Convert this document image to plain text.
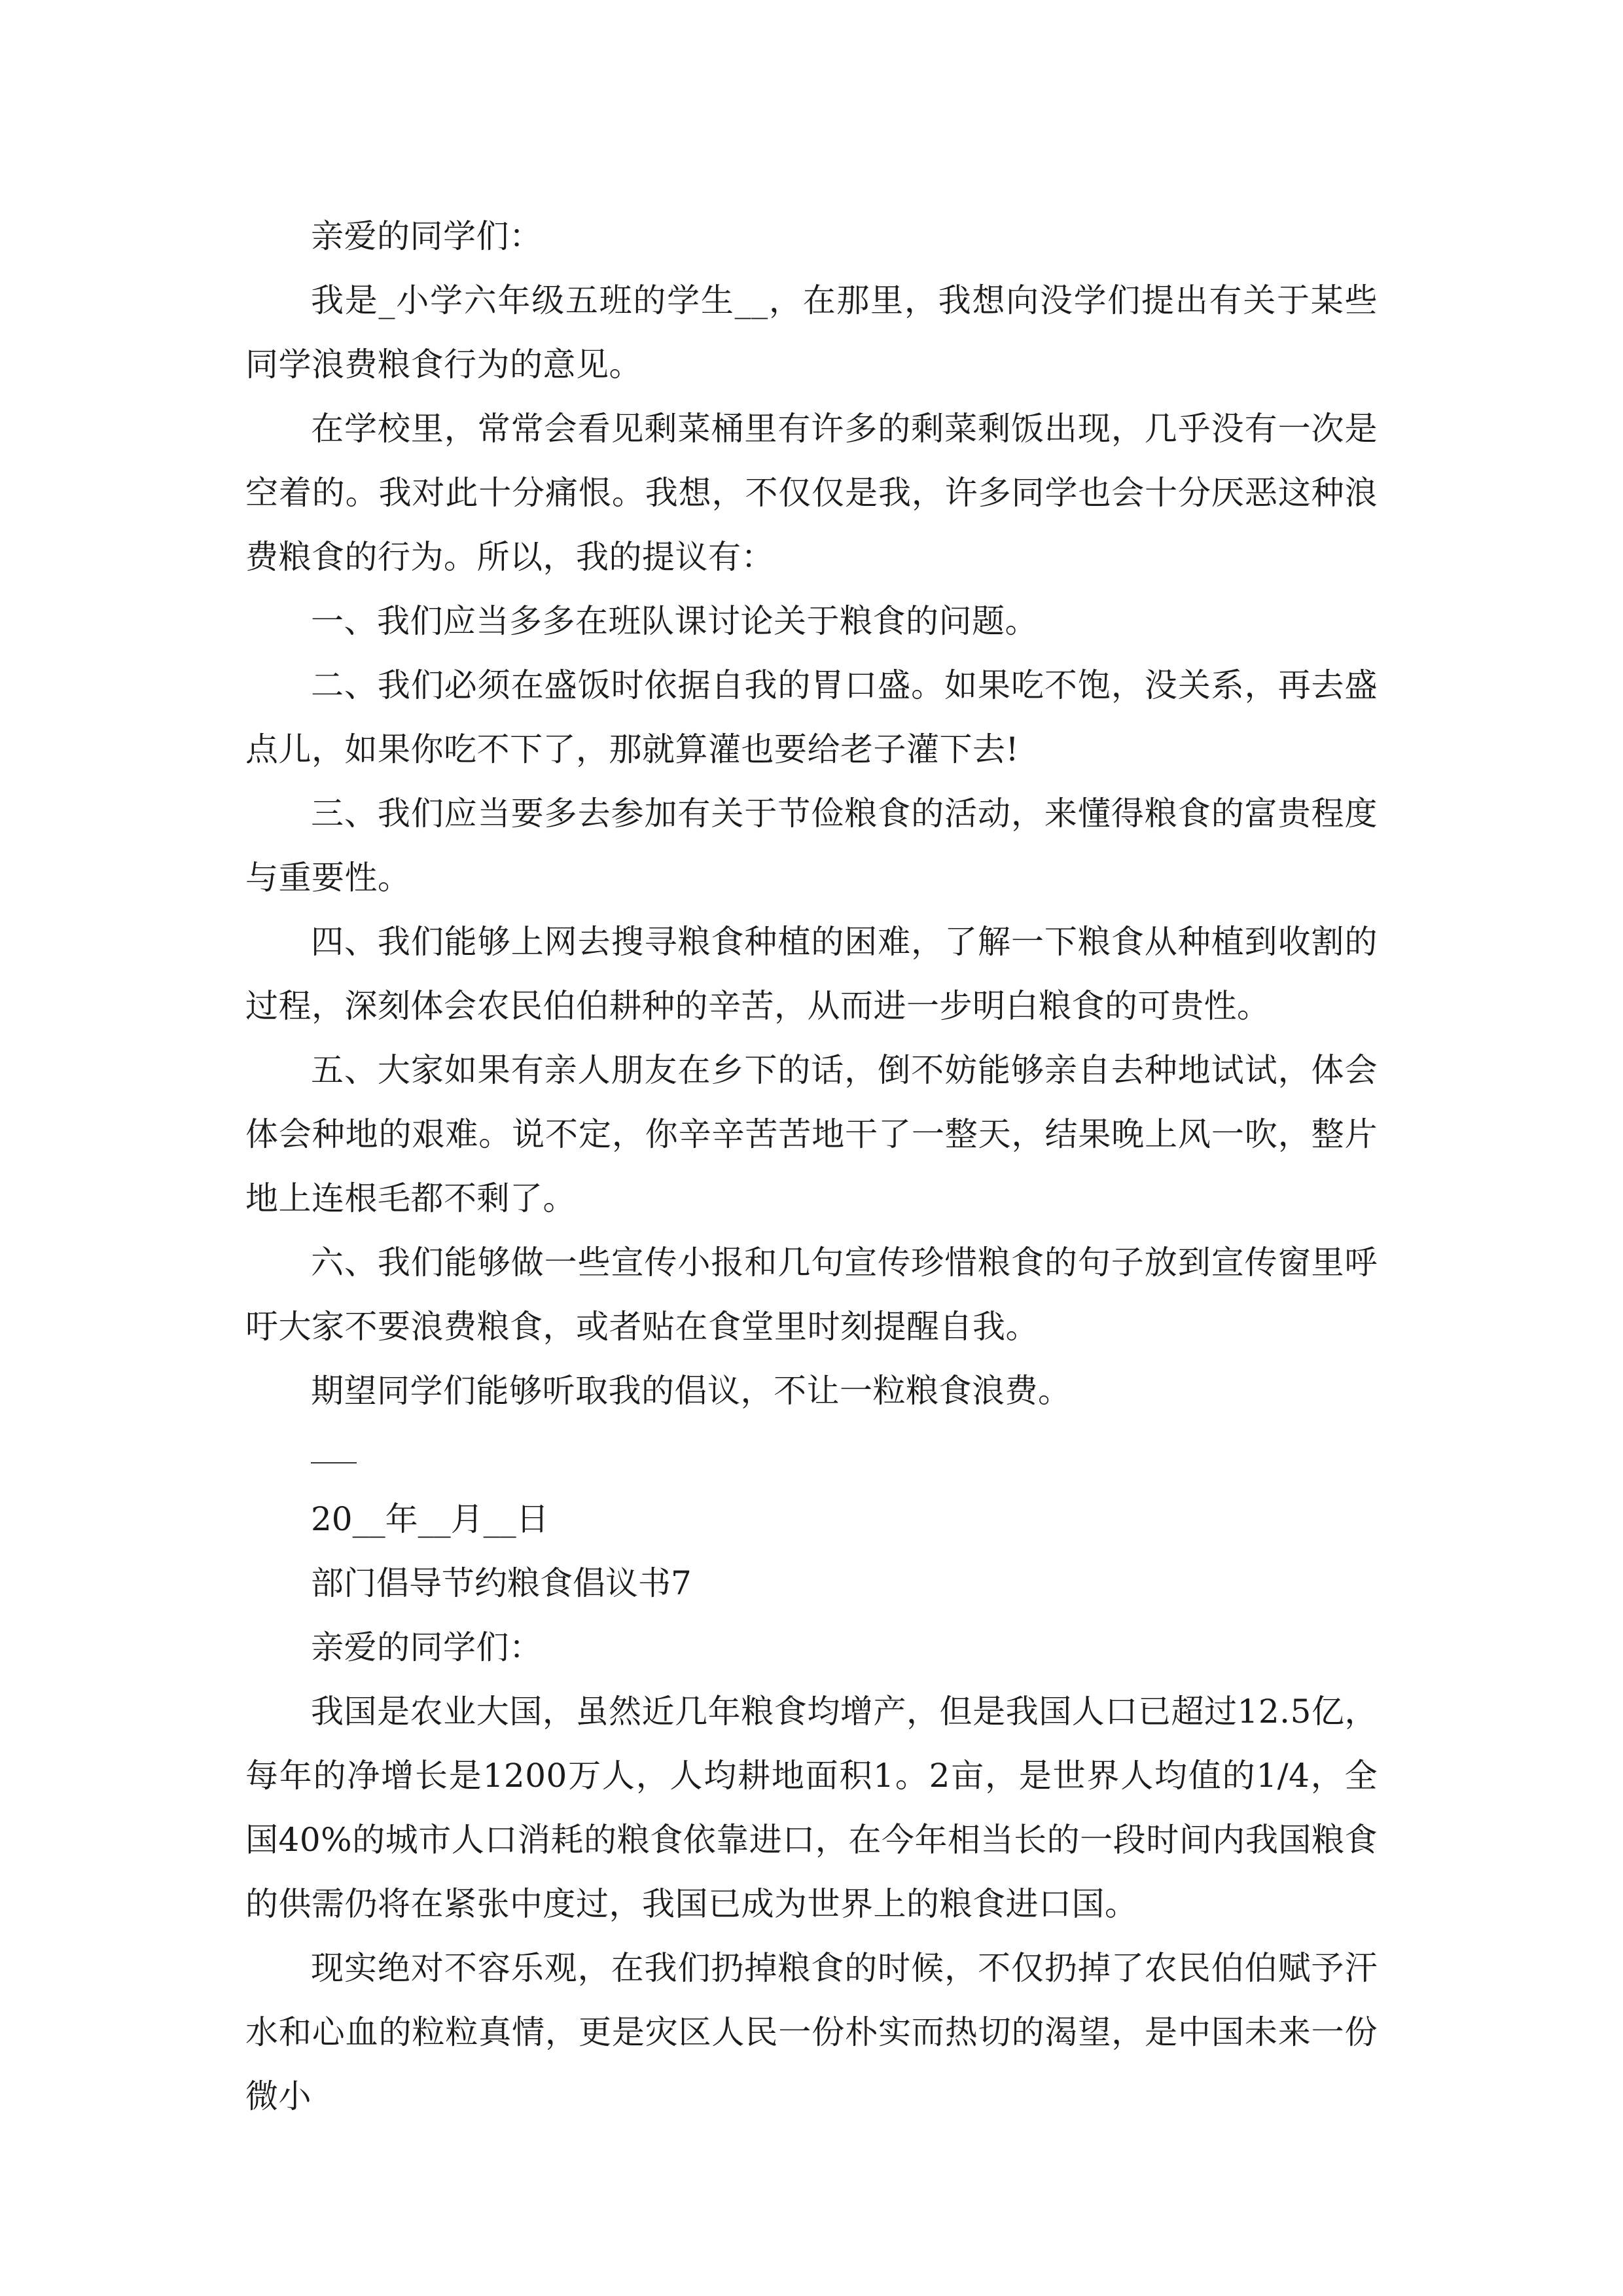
亲爱的同学们：

我是_小学六年级五班的学生__，在那里，我想向没学们提出有关于某些同学浪费粮食行为的意见。

在学校里，常常会看见剩菜桶里有许多的剩菜剩饭出现，几乎没有一次是空着的。我对此十分痛恨。我想，不仅仅是我，许多同学也会十分厌恶这种浪费粮食的行为。所以，我的提议有：

一、我们应当多多在班队课讨论关于粮食的问题。

二、我们必须在盛饭时依据自我的胃口盛。如果吃不饱，没关系，再去盛点儿，如果你吃不下了，那就算灌也要给老子灌下去!

三、我们应当要多去参加有关于节俭粮食的活动，来懂得粮食的富贵程度与重要性。

四、我们能够上网去搜寻粮食种植的困难，了解一下粮食从种植到收割的过程，深刻体会农民伯伯耕种的辛苦，从而进一步明白粮食的可贵性。

五、大家如果有亲人朋友在乡下的话，倒不妨能够亲自去种地试试，体会体会种地的艰难。说不定，你辛辛苦苦地干了一整天，结果晚上风一吹，整片地上连根毛都不剩了。

六、我们能够做一些宣传小报和几句宣传珍惜粮食的句子放到宣传窗里呼吁大家不要浪费粮食，或者贴在食堂里时刻提醒自我。

期望同学们能够听取我的倡议，不让一粒粮食浪费。

20__年__月__日

部门倡导节约粮食倡议书7

亲爱的同学们：

我国是农业大国，虽然近几年粮食均增产，但是我国人口已超过12.5亿，每年的净增长是1200万人，人均耕地面积1。2亩，是世界人均值的1/4，全国40%的城市人口消耗的粮食依靠进口，在今年相当长的一段时间内我国粮食的供需仍将在紧张中度过，我国已成为世界上的粮食进口国。

现实绝对不容乐观，在我们扔掉粮食的时候，不仅扔掉了农民伯伯赋予汗水和心血的粒粒真情，更是灾区人民一份朴实而热切的渴望，是中国未来一份微小
